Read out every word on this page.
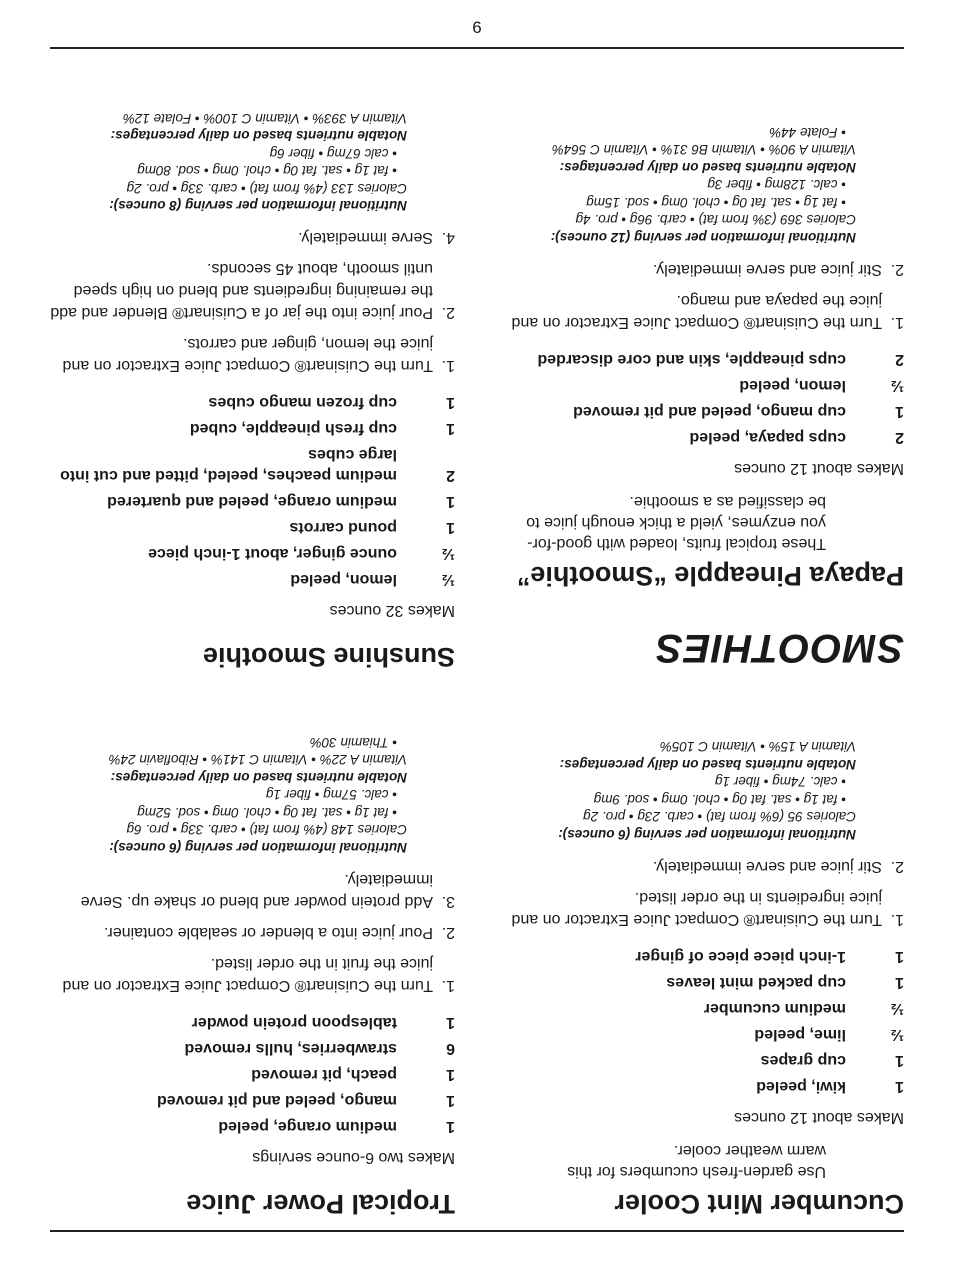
6
Cucumber Mint Cooler
Use garden-fresh cucumbers for this warm weather cooler.
Makes about 12 ounces
1
kiwi, peeled
1
cup grapes
½
lime, peeled
½
medium cucumber
1
cup packed mint leaves
1
1-inch piece piece of ginger
1.
Turn the Cuisinart® Compact Juice Extractor on and juice ingredients in the order listed.
2.
Stir juice and serve immediately.
Nutritional information per serving (6 ounces):
Calories 95 (6% from fat) • carb. 23g • pro. 2g
• fat 1g • sat. fat 0g • chol. 0mg • sod. 9mg
• calc. 74mg • fiber 1g
Notable nutrients based on daily percentages:
Vitamin A 15% • Vitamin C 105%
SMOOTHIES
Papaya Pineapple “Smoothie”
These tropical fruits, loaded with good-for-you enzymes, yield a thick enough juice to be classified as a smoothie.
Makes about 12 ounces
2
cups papaya, peeled
1
cup mango, peeled and pit removed
½
lemon, peeled
2
cups pineapple, skin and core discarded
1.
Turn the Cuisinart® Compact Juice Extractor on and juice the papaya and mango.
2.
Stir juice and serve immediately.
Nutritional information per serving (12 ounces):
Calories 369 (3% from fat) • carb. 96g • pro. 4g
• fat 1g • sat. fat 0g • chol. 0mg • sod. 15mg
• calc. 128mg • fiber 3g
Notable nutrients based on daily percentages:
Vitamin A 90% • Vitamin B6 31% • Vitamin C 564%
• Folate 44%
Tropical Power Juice
Makes two 6-ounce servings
1
medium orange, peeled
1
mango, peeled and pit removed
1
peach, pit removed
6
strawberries, hulls removed
1
tablespoon protein powder
1.
Turn the Cuisinart® Compact Juice Extractor on and juice the fruit in the order listed.
2.
Pour juice into a blender or sealable container.
3.
Add protein powder and blend or shake up. Serve immediately.
Nutritional information per serving (6 ounces):
Calories 148 (4% from fat) • carb. 33g • pro. 6g
• fat 1g • sat. fat 0g • chol. 0mg • sod. 52mg
• calc. 57mg • fiber 1g
Notable nutrients based on daily percentages:
Vitamin A 22% • Vitamin C 141% • Riboflavin 24%
• Thiamin 30%
Sunshine Smoothie
Makes 32 ounces
½
lemon, peeled
½
ounce ginger, about 1-inch piece
1
pound carrots
1
medium orange, peeled and quartered
2
medium peaches, peeled, pitted and cut into large cubes
1
cup fresh pineapple, cubed
1
cup frozen mango cubes
1.
Turn the Cuisinart® Compact Juice Extractor on and juice the lemon, ginger and carrots.
2.
Pour juice into the jar of a Cuisinart® Blender and add the remaining ingredients and blend on high speed until smooth, about 45 seconds.
4.
Serve immediately.
Nutritional information per serving (8 ounces):
Calories 133 (4% from fat) • carb. 33g • pro. 2g
• fat 1g • sat. fat 0g • chol. 0mg • sod. 80mg
• calc 67mg • fiber 6g
Notable nutrients based on daily percentages:
Vitamin A 393% • Vitamin C 100% • Folate 12%
